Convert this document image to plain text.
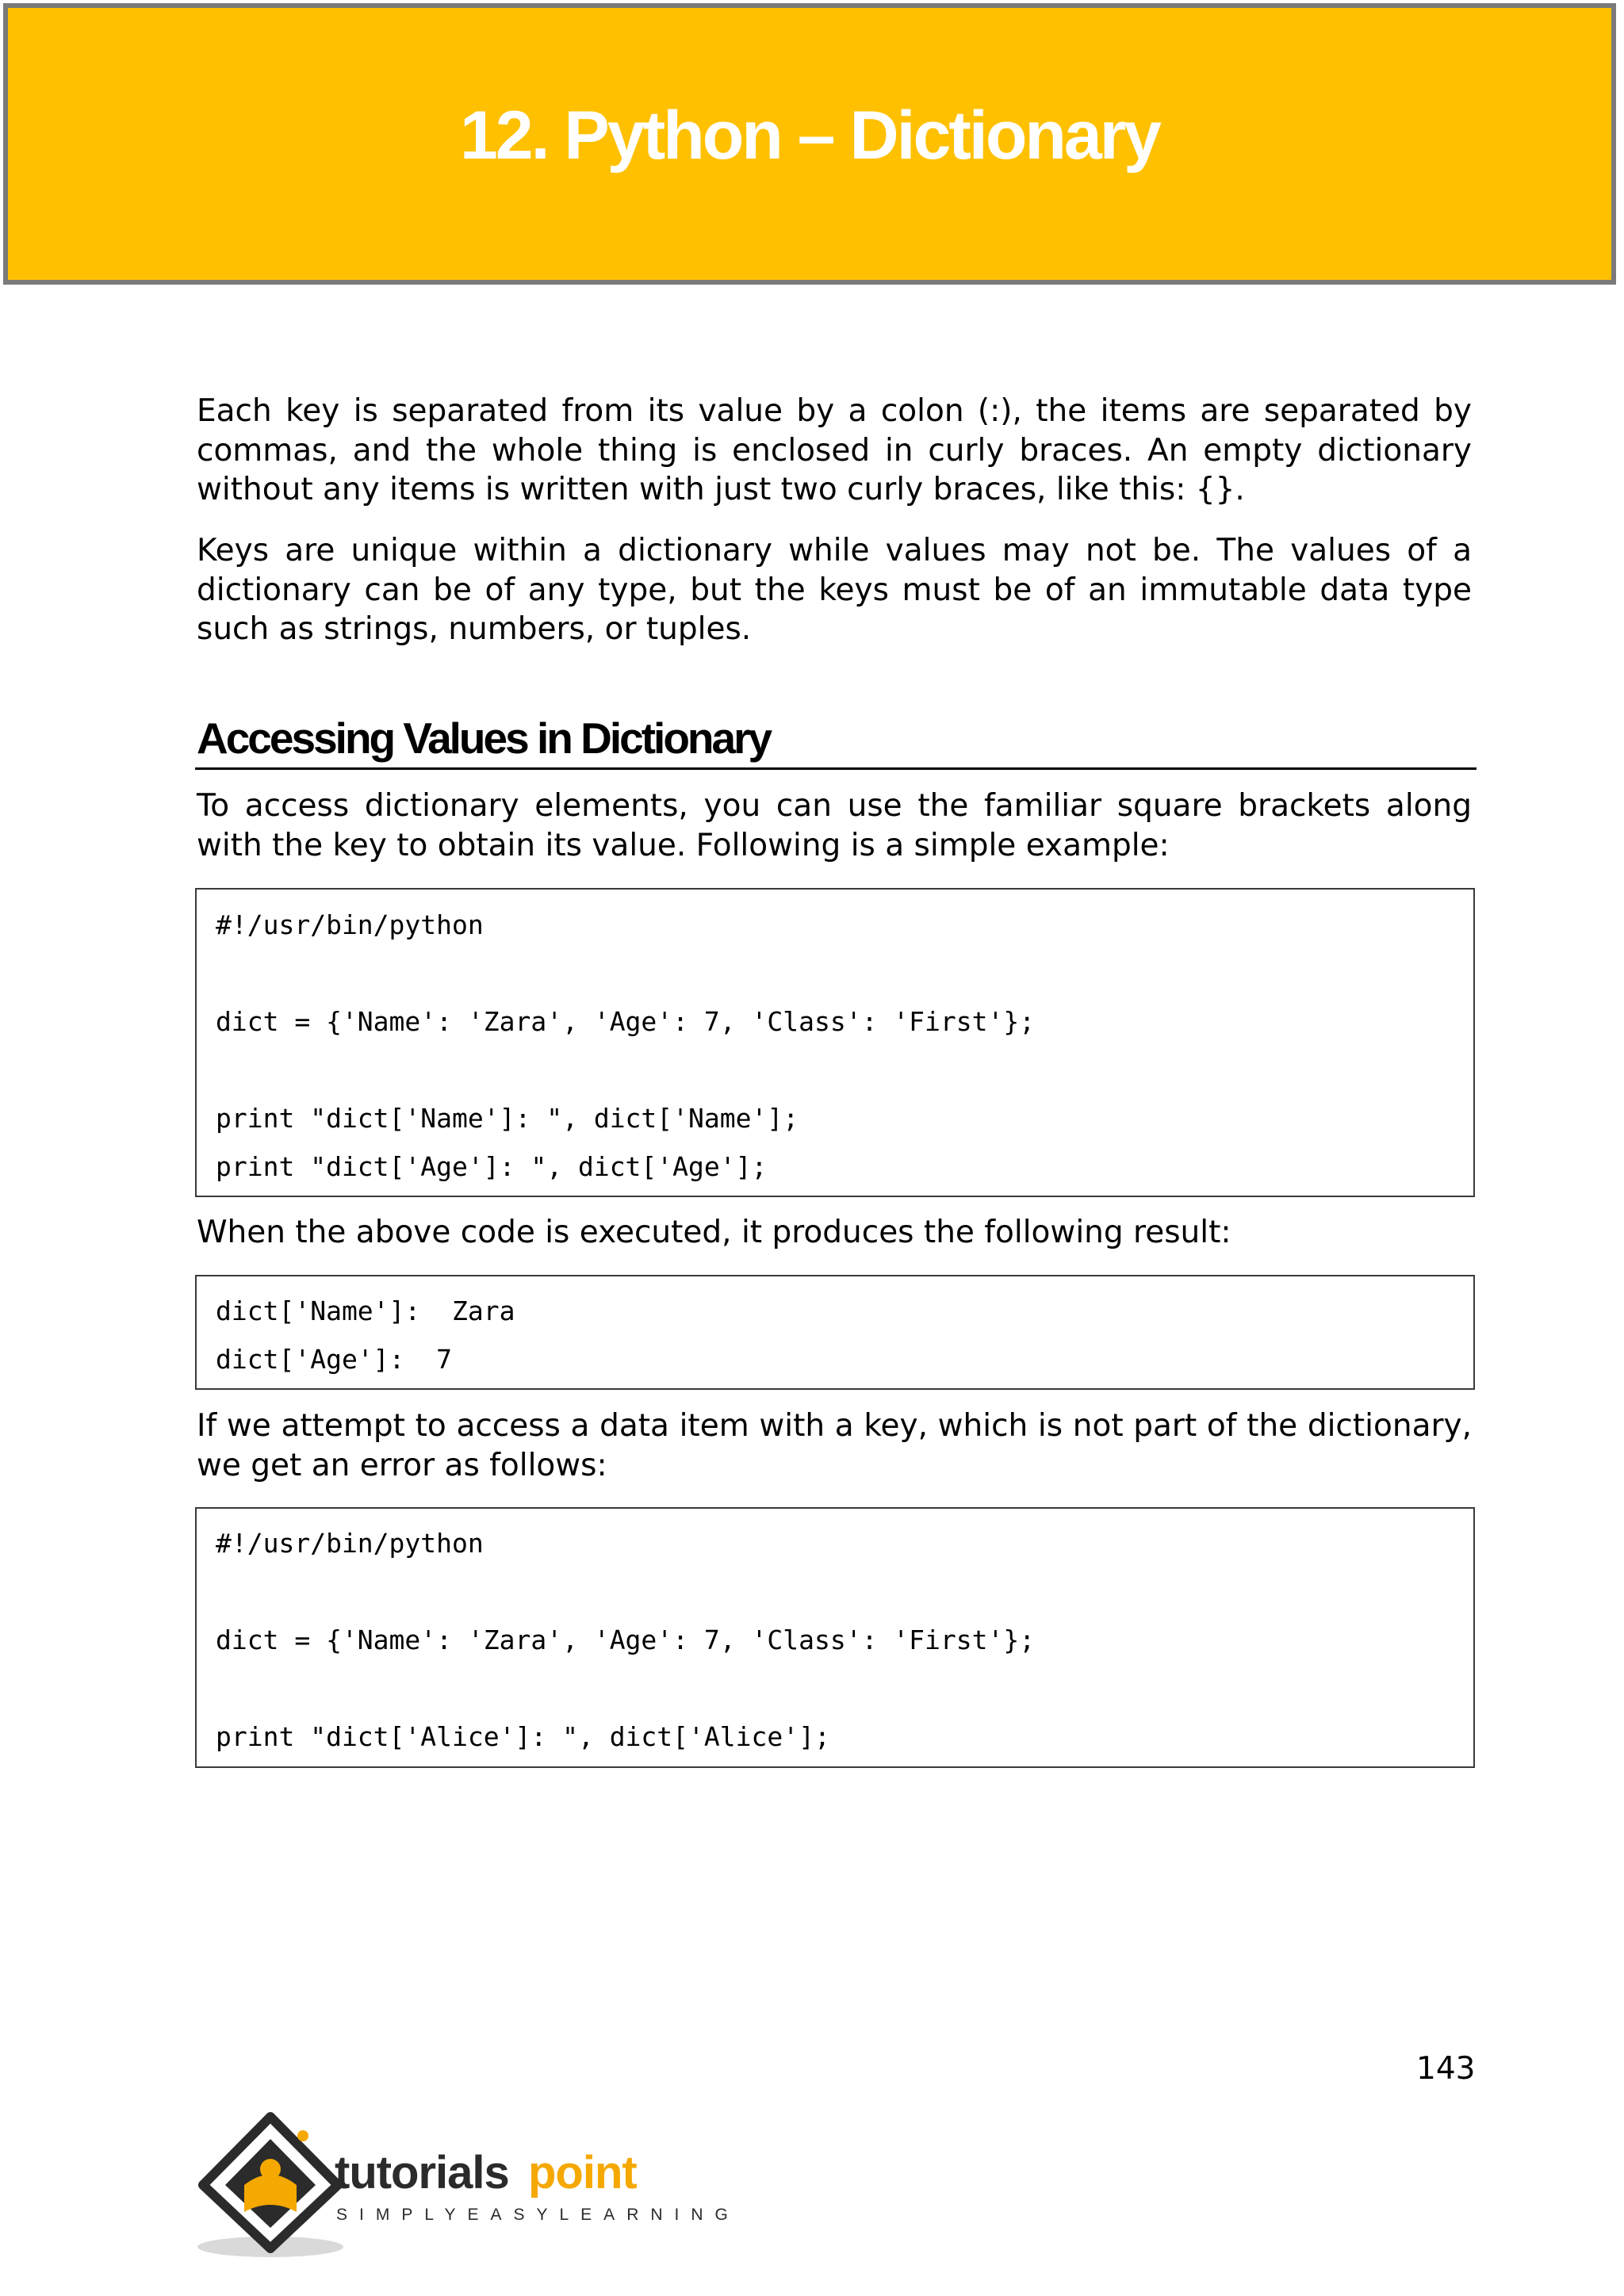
12. Python – Dictionary

Each key is separated from its value by a colon (:), the items are separated by commas, and the whole thing is enclosed in curly braces. An empty dictionary without any items is written with just two curly braces, like this: {}.

Keys are unique within a dictionary while values may not be. The values of a dictionary can be of any type, but the keys must be of an immutable data type such as strings, numbers, or tuples.

Accessing Values in Dictionary

To access dictionary elements, you can use the familiar square brackets along with the key to obtain its value. Following is a simple example:

#!/usr/bin/python
dict = {'Name': 'Zara', 'Age': 7, 'Class': 'First'};
print "dict['Name']: ", dict['Name'];
print "dict['Age']: ", dict['Age'];

When the above code is executed, it produces the following result:

dict['Name']:  Zara
dict['Age']:  7

If we attempt to access a data item with a key, which is not part of the dictionary, we get an error as follows:

#!/usr/bin/python
dict = {'Name': 'Zara', 'Age': 7, 'Class': 'First'};
print "dict['Alice']: ", dict['Alice'];
143
tutorials point
SIMPLYEASYLEARNING
